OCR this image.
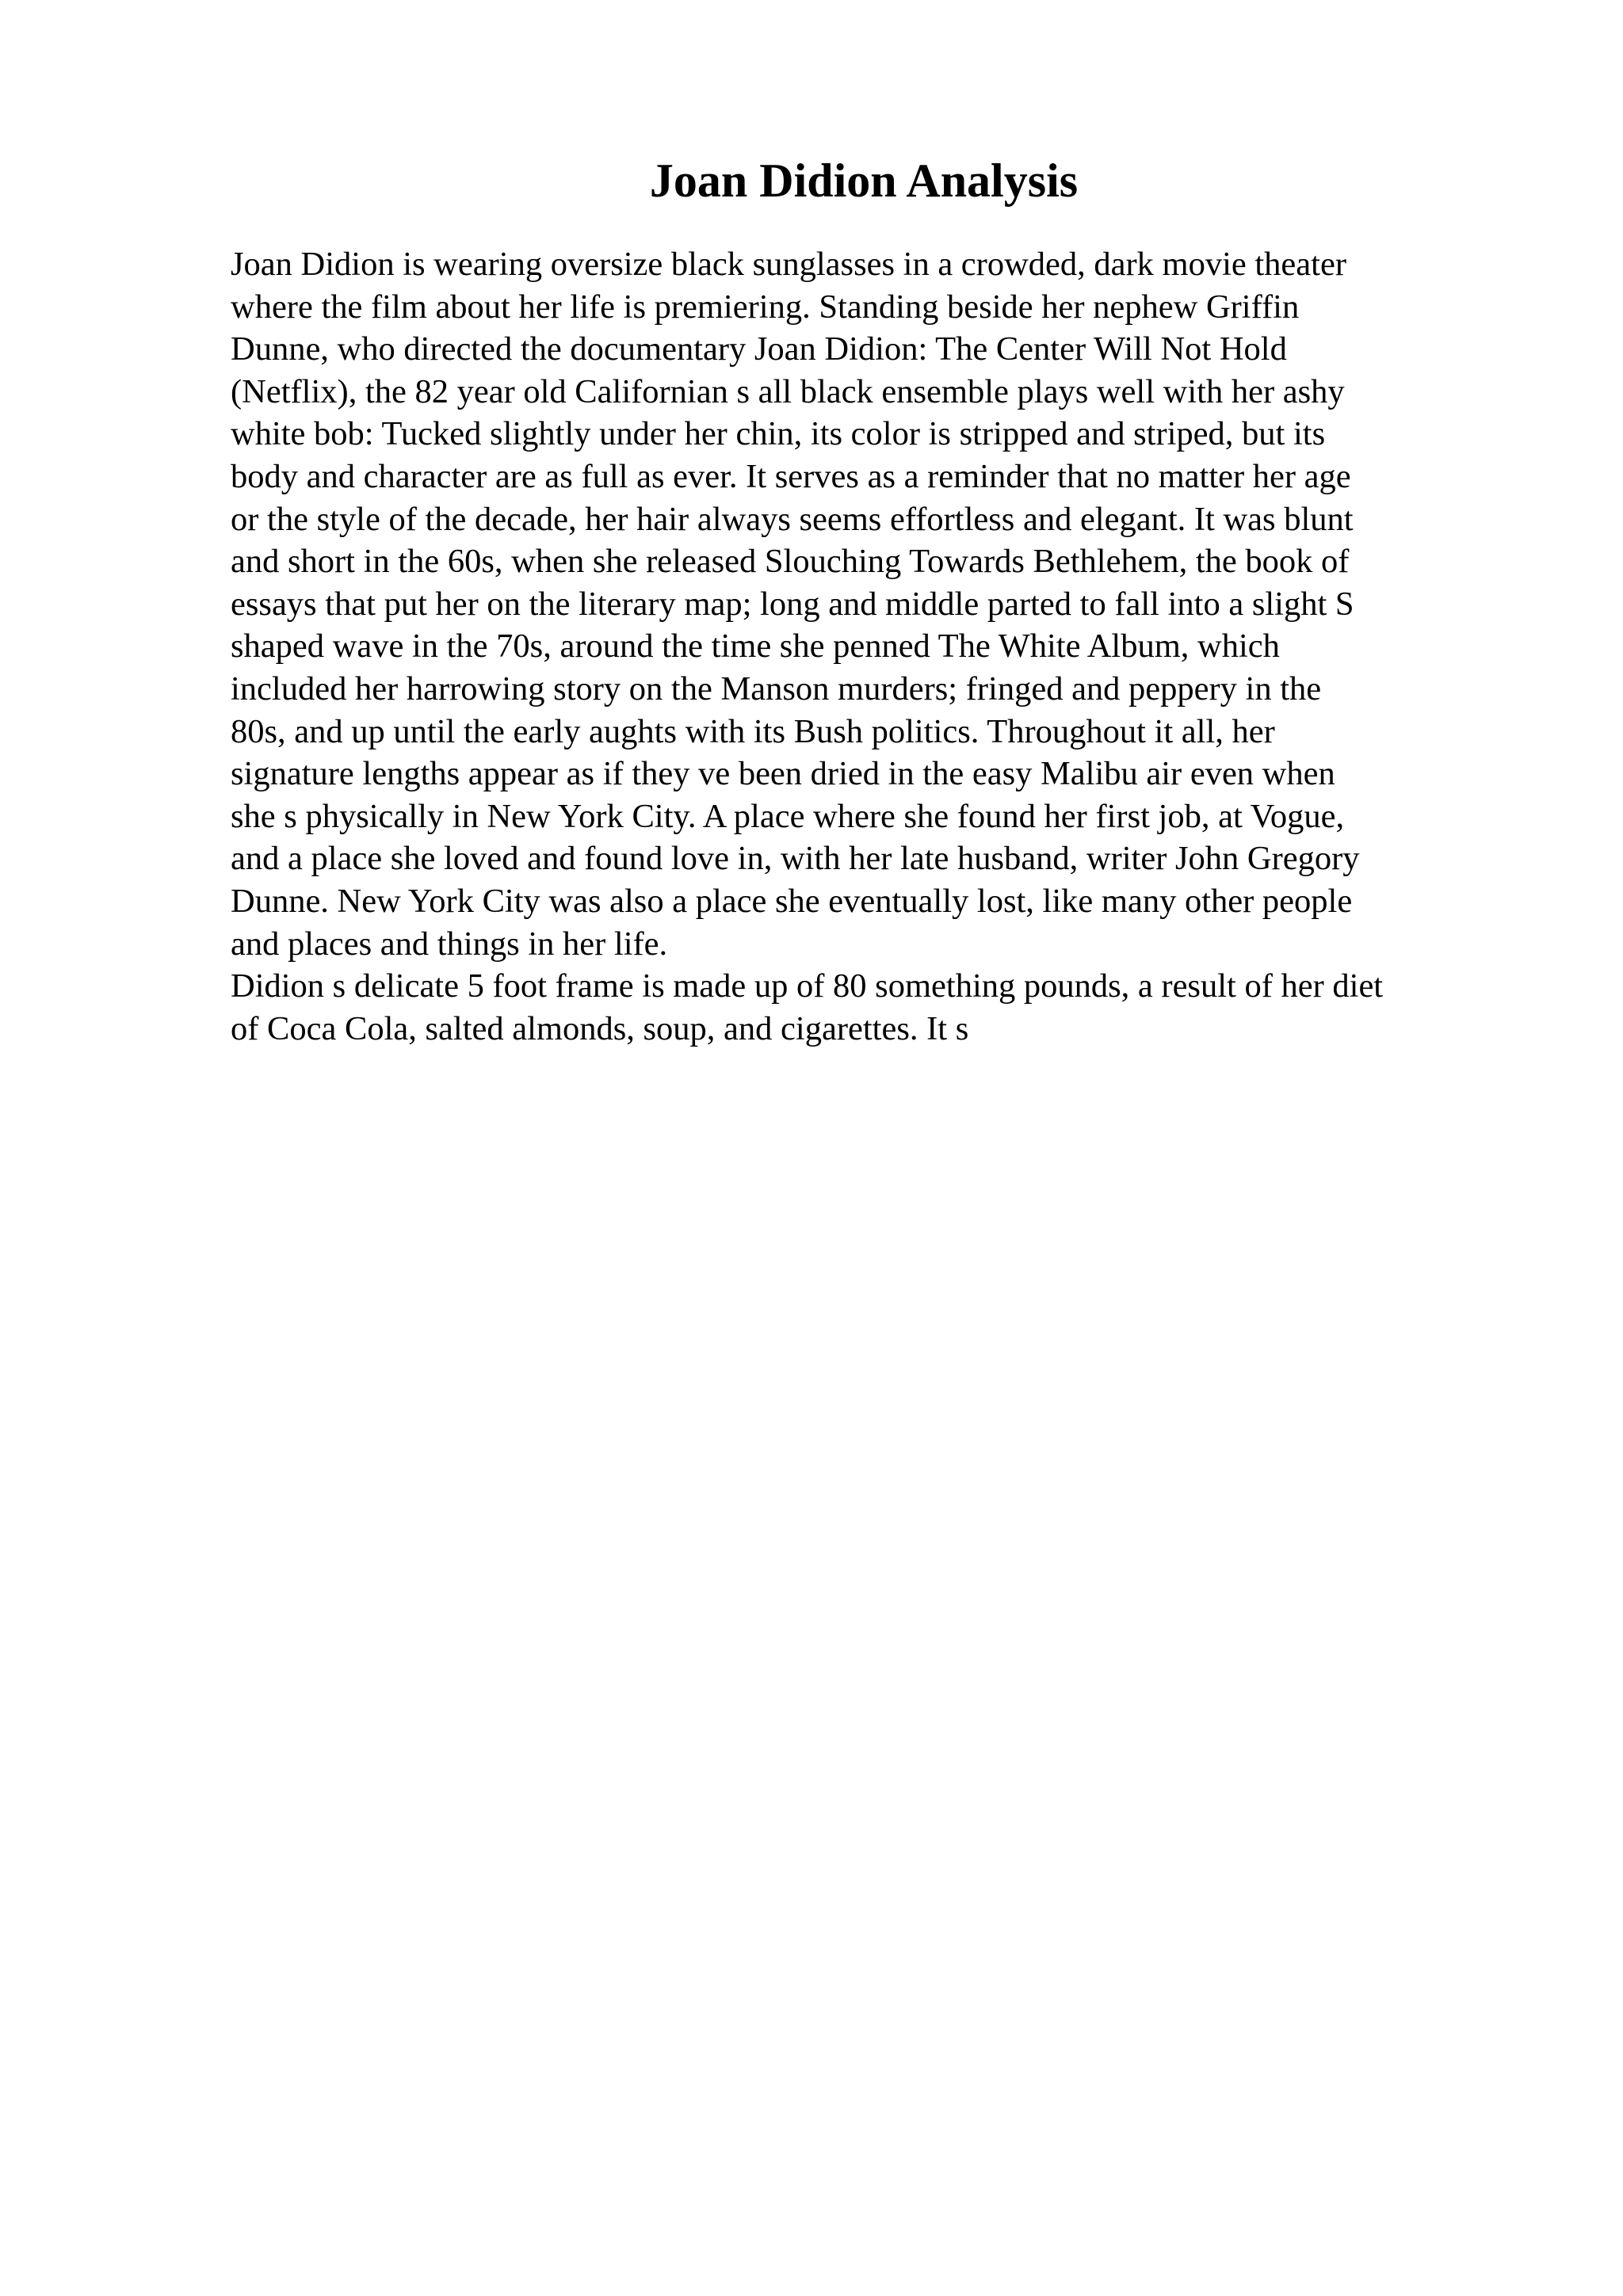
Joan Didion Analysis

Joan Didion is wearing oversize black sunglasses in a crowded, dark movie theater
where the film about her life is premiering. Standing beside her nephew Griffin
Dunne, who directed the documentary Joan Didion: The Center Will Not Hold
(Netflix), the 82 year old Californian s all black ensemble plays well with her ashy
white bob: Tucked slightly under her chin, its color is stripped and striped, but its
body and character are as full as ever. It serves as a reminder that no matter her age
or the style of the decade, her hair always seems effortless and elegant. It was blunt
and short in the 60s, when she released Slouching Towards Bethlehem, the book of
essays that put her on the literary map; long and middle parted to fall into a slight S
shaped wave in the 70s, around the time she penned The White Album, which
included her harrowing story on the Manson murders; fringed and peppery in the
80s, and up until the early aughts with its Bush politics. Throughout it all, her
signature lengths appear as if they ve been dried in the easy Malibu air even when
she s physically in New York City. A place where she found her first job, at Vogue,
and a place she loved and found love in, with her late husband, writer John Gregory
Dunne. New York City was also a place she eventually lost, like many other people
and places and things in her life.

Didion s delicate 5 foot frame is made up of 80 something pounds, a result of her diet
of Coca Cola, salted almonds, soup, and cigarettes. It s
